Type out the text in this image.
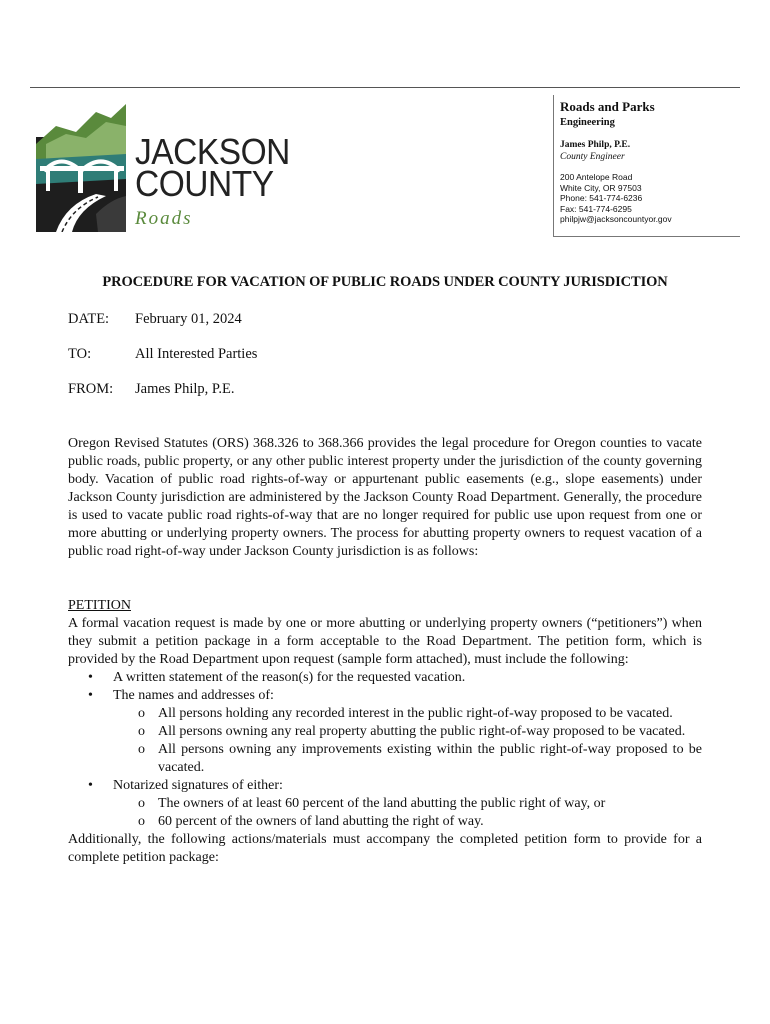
JACKSON
COUNTY
Roads
Roads and Parks
Engineering
James Philp, P.E.
County Engineer
200 Antelope Road
White City, OR 97503
Phone: 541-774-6236
Fax: 541-774-6295
philpjw@jacksoncountyor.gov
PROCEDURE FOR VACATION OF PUBLIC ROADS UNDER COUNTY JURISDICTION
DATE: February 01, 2024
TO:	All Interested Parties
FROM: James Philp, P.E.
Oregon Revised Statutes (ORS) 368.326 to 368.366 provides the legal procedure for Oregon counties to vacate public roads, public property, or any other public interest property under the jurisdiction of the county governing body. Vacation of public road rights-of-way or appurtenant public easements (e.g., slope easements) under Jackson County jurisdiction are administered by the Jackson County Road Department. Generally, the procedure is used to vacate public road rights-of-way that are no longer required for public use upon request from one or more abutting or underlying property owners. The process for abutting property owners to request vacation of a public road right-of-way under Jackson County jurisdiction is as follows:
PETITION
A formal vacation request is made by one or more abutting or underlying property owners (“petitioners”) when they submit a petition package in a form acceptable to the Road Department. The petition form, which is provided by the Road Department upon request (sample form attached), must include the following:
• A written statement of the reason(s) for the requested vacation.
• The names and addresses of:
o All persons holding any recorded interest in the public right-of-way proposed to be vacated.
o All persons owning any real property abutting the public right-of-way proposed to be vacated.
o All persons owning any improvements existing within the public right-of-way proposed to be vacated.
• Notarized signatures of either:
o The owners of at least 60 percent of the land abutting the public right of way, or
o 60 percent of the owners of land abutting the right of way.
Additionally, the following actions/materials must accompany the completed petition form to provide for a complete petition package:
